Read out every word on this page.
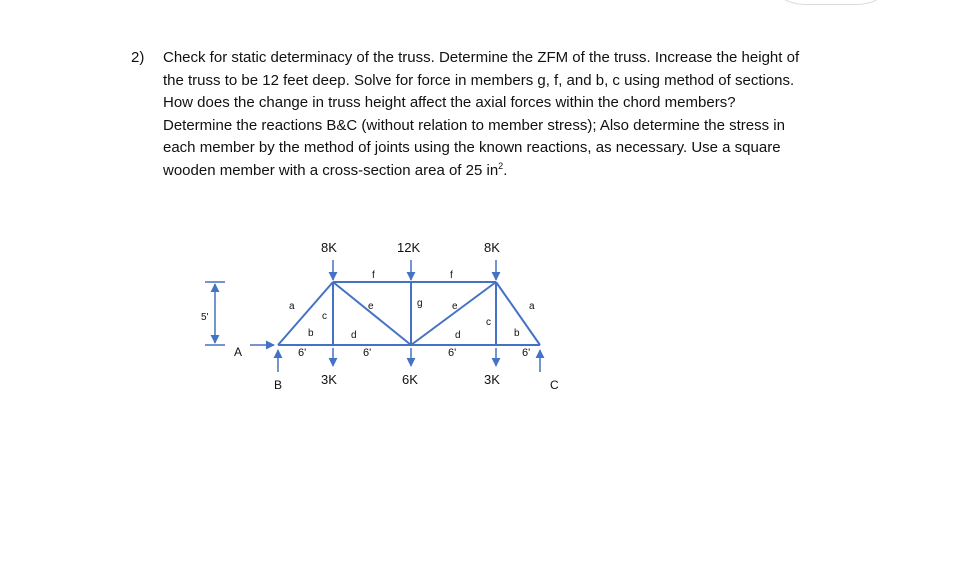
2) Check for static determinacy of the truss. Determine the ZFM of the truss. Increase the height of
the truss to be 12 feet deep. Solve for force in members g, f, and b, c using method of sections.
How does the change in truss height affect the axial forces within the chord members?
Determine the reactions B&C (without relation to member stress); Also determine the stress in
each member by the method of joints using the known reactions, as necessary. Use a square
wooden member with a cross-section area of 25 $in^2$.
5'
8K	12K	8K
3K	6K	3K
A
B	C
6'	6'	6'	6'
a	a
b	b
c
c
d	d
e	e
f	f
g
